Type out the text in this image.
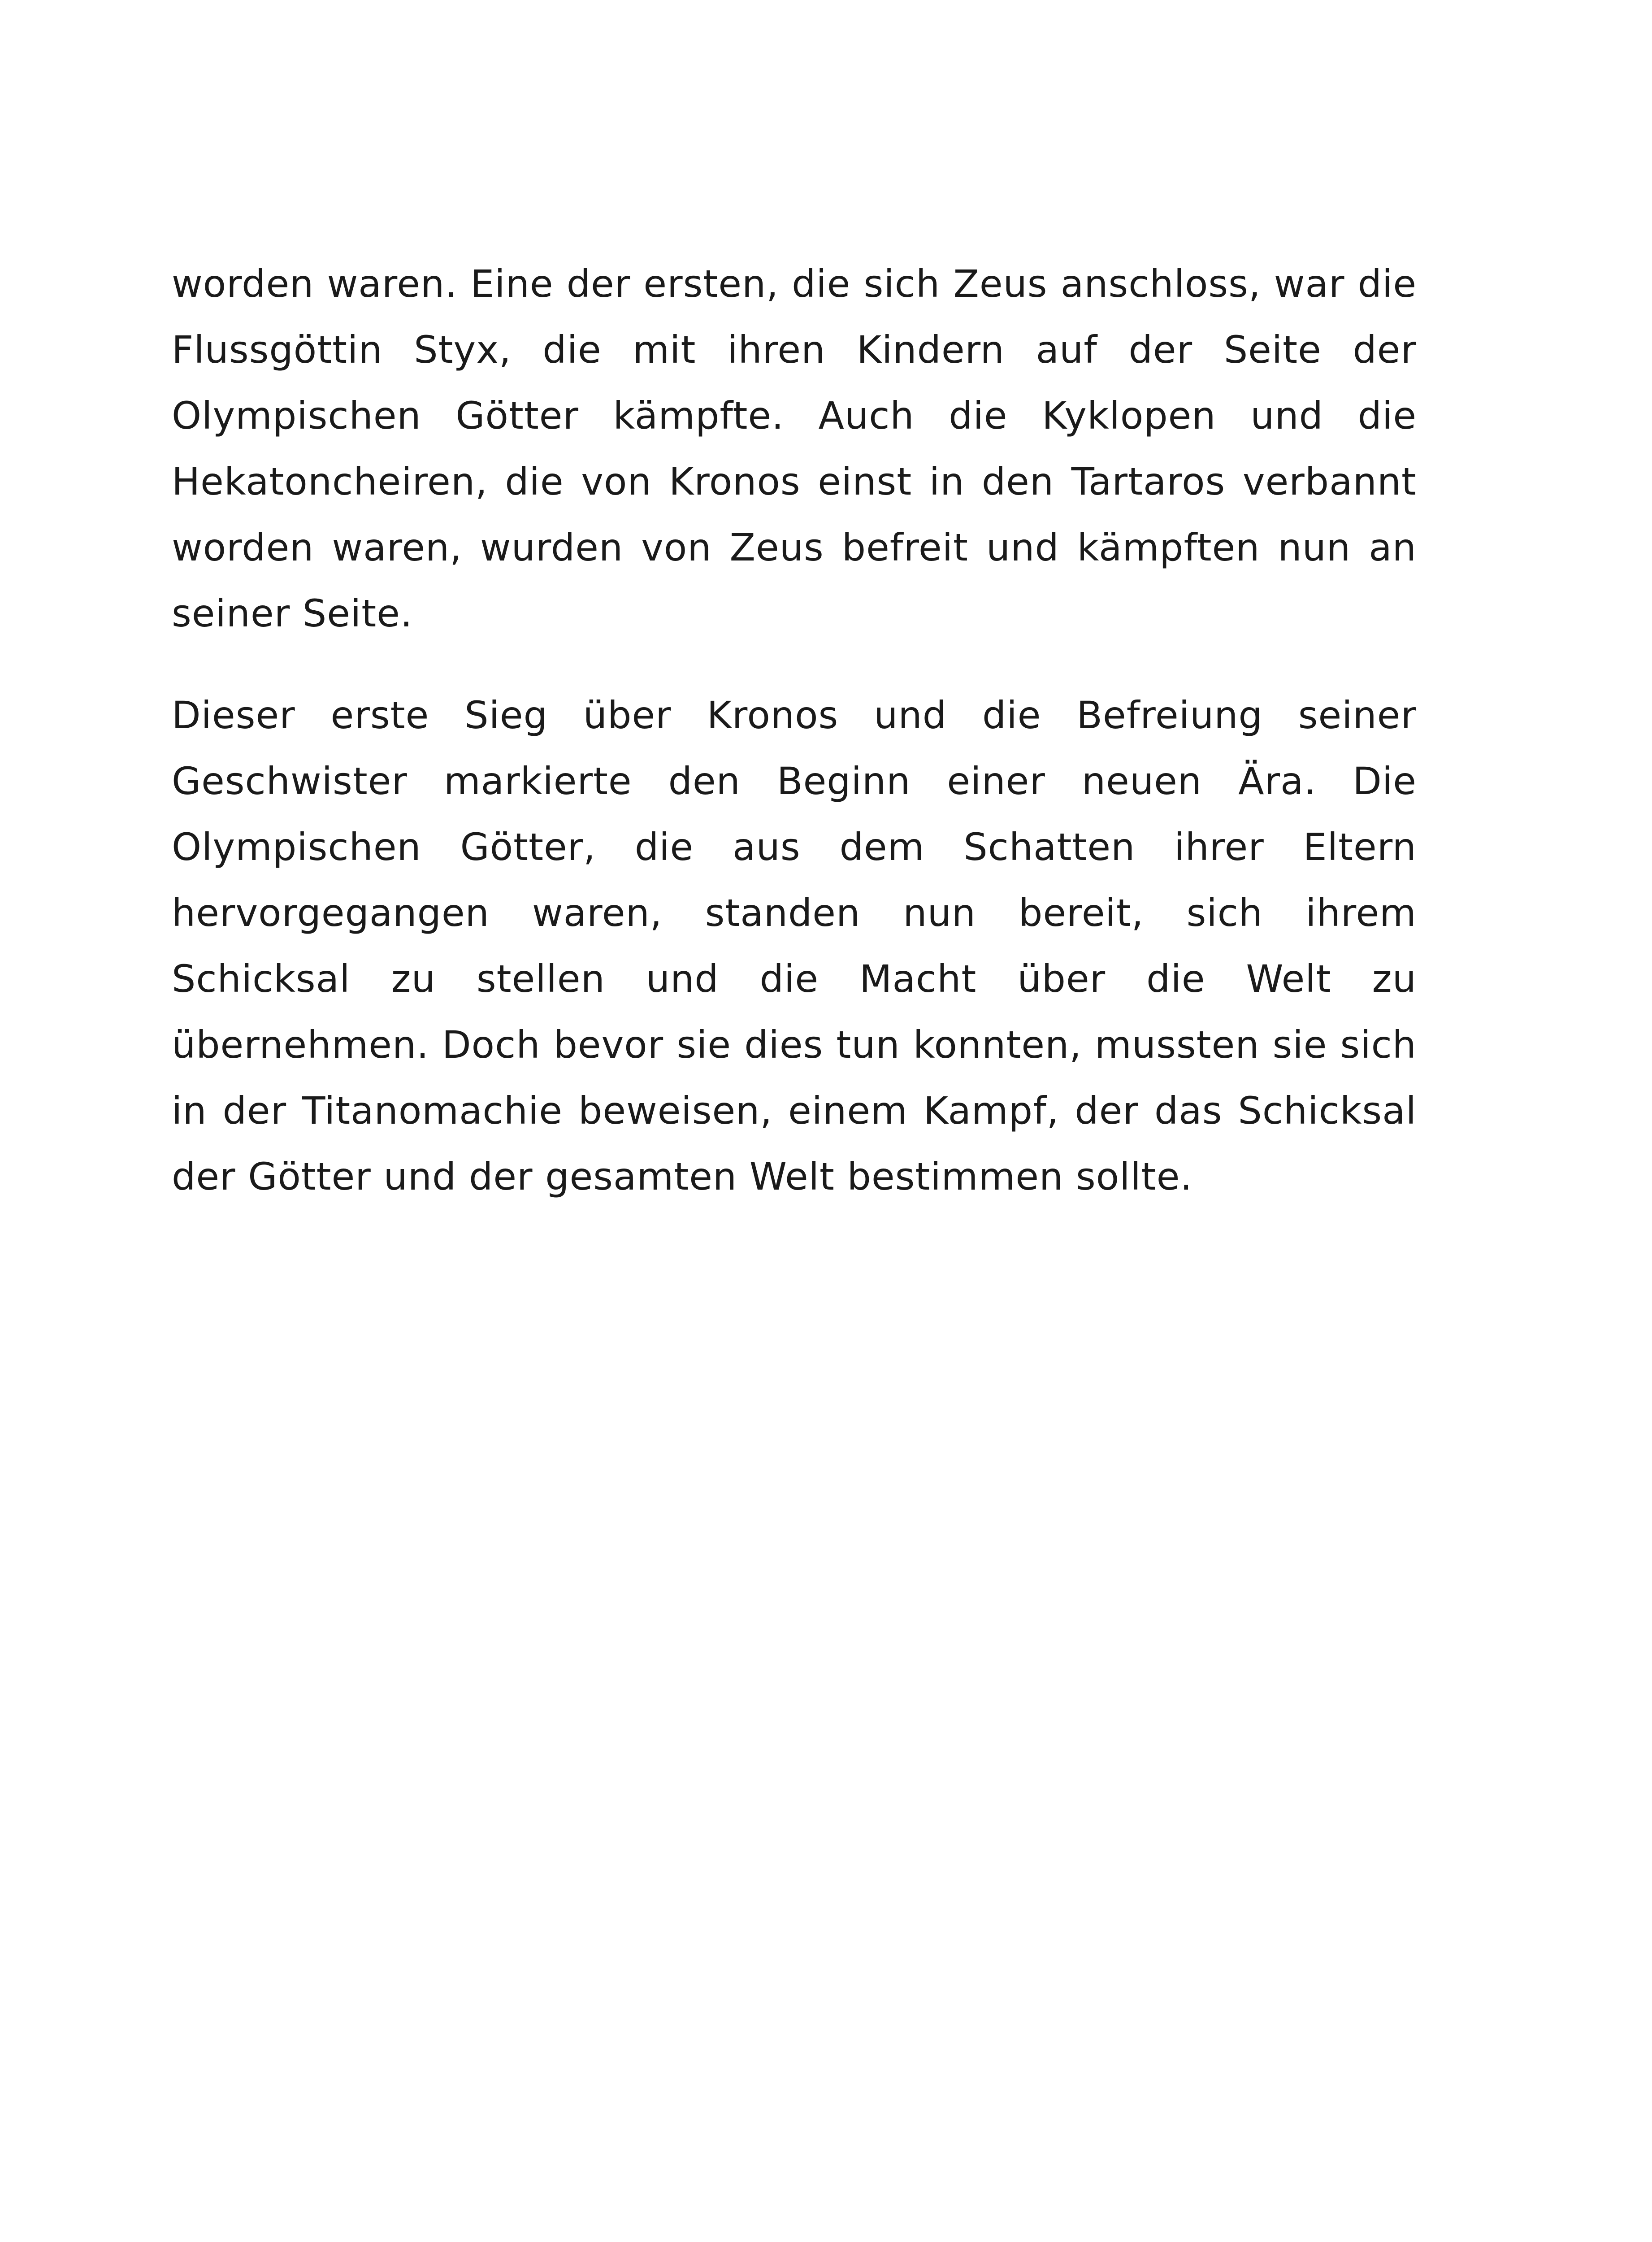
worden waren. Eine der ersten, die sich Zeus anschloss, war die Flussgöttin Styx, die mit ihren Kindern auf der Seite der Olympischen Götter kämpfte. Auch die Kyklopen und die Hekatoncheiren, die von Kronos einst in den Tartaros verbannt worden waren, wurden von Zeus befreit und kämpften nun an seiner Seite.

Dieser erste Sieg über Kronos und die Befreiung seiner Geschwister markierte den Beginn einer neuen Ära. Die Olympischen Götter, die aus dem Schatten ihrer Eltern hervorgegangen waren, standen nun bereit, sich ihrem Schicksal zu stellen und die Macht über die Welt zu übernehmen. Doch bevor sie dies tun konnten, mussten sie sich in der Titanomachie beweisen, einem Kampf, der das Schicksal der Götter und der gesamten Welt bestimmen sollte.
